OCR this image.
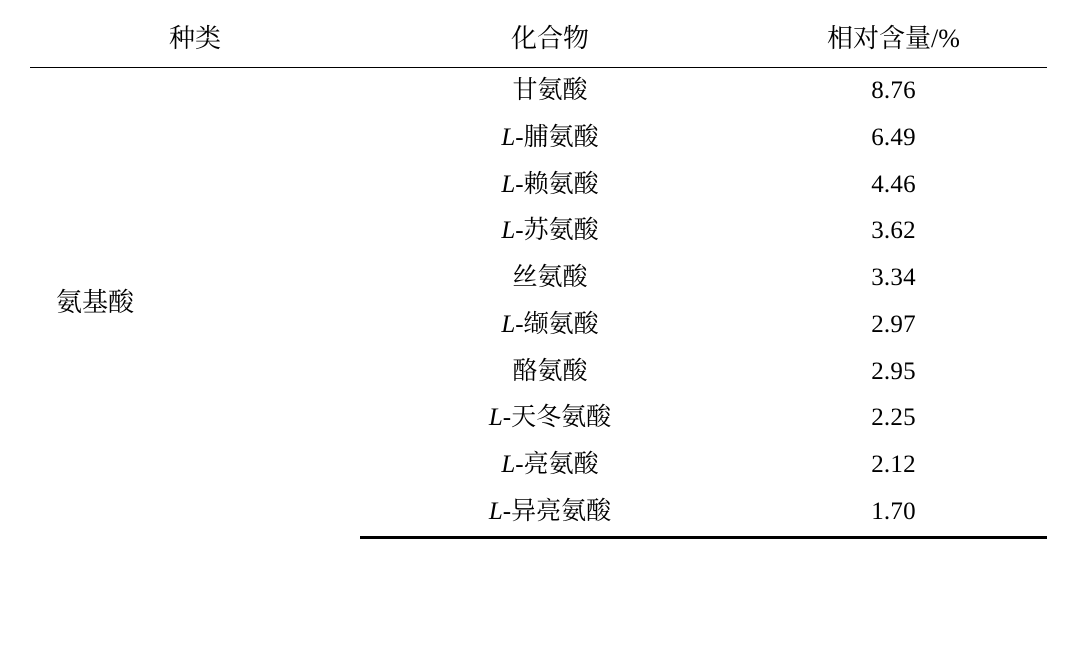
种类	化合物	相对含量/%
氨基酸	甘氨酸	8.76
	L-脯氨酸	6.49
	L-赖氨酸	4.46
	L-苏氨酸	3.62
	丝氨酸	3.34
	L-缬氨酸	2.97
	酪氨酸	2.95
	L-天冬氨酸	2.25
	L-亮氨酸	2.12
	L-异亮氨酸	1.70
